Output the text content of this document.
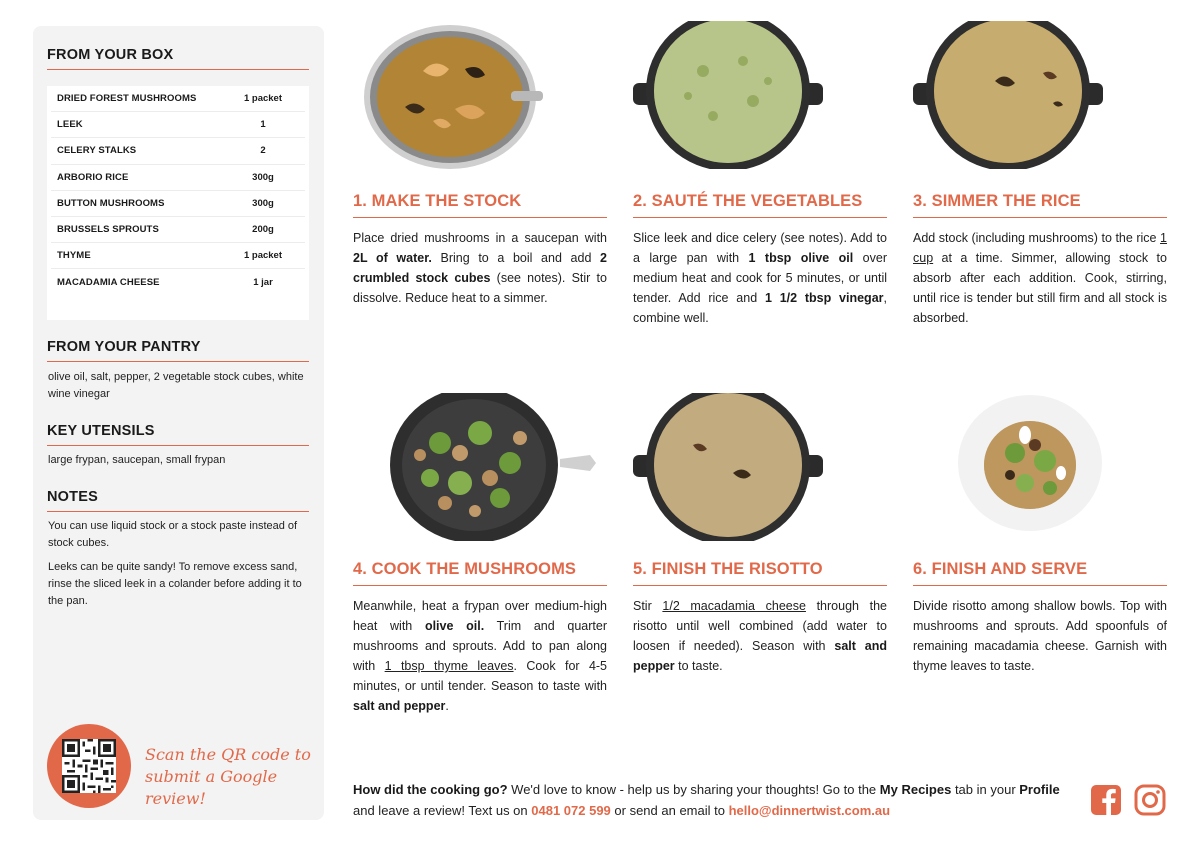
FROM YOUR BOX
DRIED FOREST MUSHROOMS	1 packet
LEEK	1
CELERY STALKS	2
ARBORIO RICE	300g
BUTTON MUSHROOMS	300g
BRUSSELS SPROUTS	200g
THYME	1 packet
MACADAMIA CHEESE	1 jar
FROM YOUR PANTRY
olive oil, salt, pepper, 2 vegetable stock cubes, white wine vinegar
KEY UTENSILS
large frypan, saucepan, small frypan
NOTES
You can use liquid stock or a stock paste instead of stock cubes.
Leeks can be quite sandy! To remove excess sand, rinse the sliced leek in a colander before adding it to the pan.
Scan the QR code to
submit a Google review!
1. MAKE THE STOCK	2. SAUTÉ THE VEGETABLES	3. SIMMER THE RICE
4. COOK THE MUSHROOMS	5. FINISH THE RISOTTO	6. FINISH AND SERVE
Place dried mushrooms in a saucepan with 2L of water. Bring to a boil and add 2 crumbled stock cubes (see notes). Stir to dissolve. Reduce heat to a simmer.
Slice leek and dice celery (see notes). Add to a large pan with 1 tbsp olive oil over medium heat and cook for 5 minutes, or until tender. Add rice and 1 1/2 tbsp vinegar, combine well.
Add stock (including mushrooms) to the rice 1 cup at a time. Simmer, allowing stock to absorb after each addition. Cook, stirring, until rice is tender but still firm and all stock is absorbed.
Meanwhile, heat a frypan over medium-high heat with olive oil. Trim and quarter mushrooms and sprouts. Add to pan along with 1 tbsp thyme leaves. Cook for 4-5 minutes, or until tender. Season to taste with salt and pepper.
Stir 1/2 macadamia cheese through the risotto until well combined (add water to loosen if needed). Season with salt and pepper to taste.
Divide risotto among shallow bowls. Top with mushrooms and sprouts. Add spoonfuls of remaining macadamia cheese. Garnish with thyme leaves to taste.
How did the cooking go? We'd love to know - help us by sharing your thoughts! Go to the My Recipes tab in your Profile and leave a review! Text us on 0481 072 599 or send an email to hello@dinnertwist.com.au
